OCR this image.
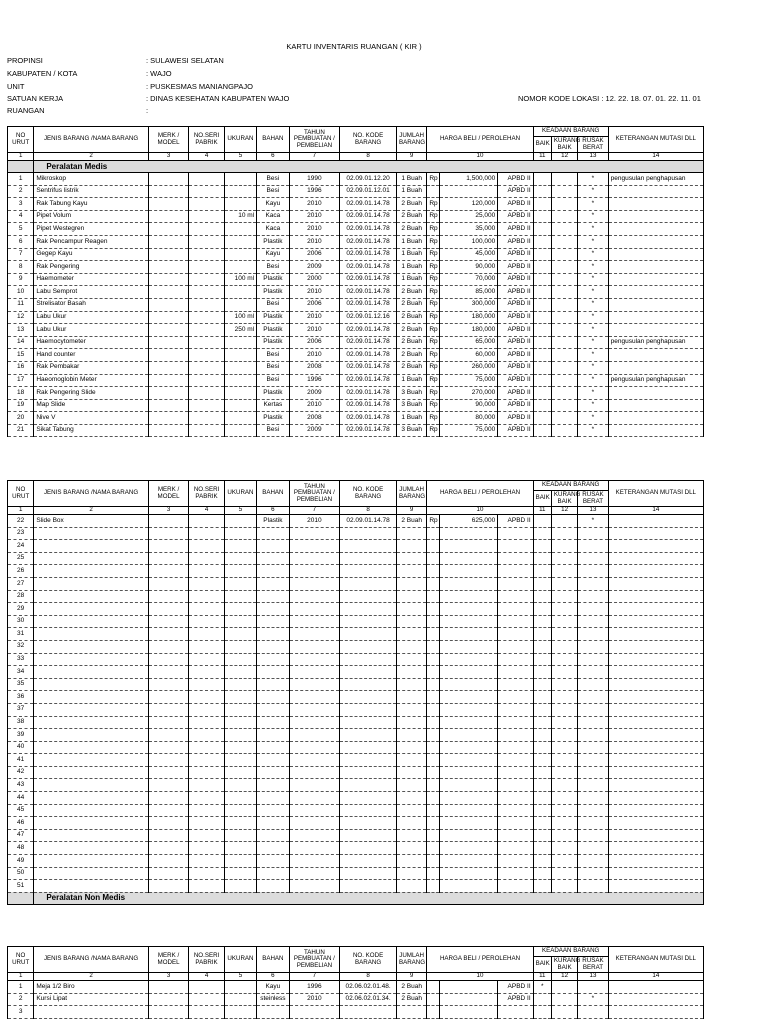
KARTU INVENTARIS RUANGAN ( KIR )
PROPINSI	: SULAWESI SELATAN
KABUPATEN / KOTA	: WAJO
UNIT	: PUSKESMAS MANIANGPAJO
SATUAN KERJA	: DINAS KESEHATAN KABUPATEN WAJO
RUANGAN	:
NOMOR KODE LOKASI : 12. 22. 18. 07. 01. 22. 11. 01
NO URUT	JENIS BARANG /NAMA BARANG	MERK / MODEL	NO.SERI PABRIK	UKURAN	BAHAN	TAHUN PEMBUATAN / PEMBELIAN	NO. KODE BARANG	JUMLAH BARANG	HARGA BELI / PEROLEHAN			KEADAAN BARANG			KETERANGAN MUTASI DLL
												BAIK	KURANG BAIK	RUSAK BERAT	
1	2	3	4	5	6	7	8	9	10			11	12	13	14
	Peralatan Medis														
1	Mikroskop				Besi	1990	02.09.01.12.20	1 Buah	Rp	1,500,000	APBD II			*	pengusulan penghapusan
2	Sentrifus listrik				Besi	1996	02.09.01.12.01	1 Buah			APBD II			*	
3	Rak Tabung Kayu				Kayu	2010	02.09.01.14.78	2 Buah	Rp	120,000	APBD II			*	
4	Pipet Volum			10 ml	Kaca	2010	02.09.01.14.78	2 Buah	Rp	25,000	APBD II			*	
5	Pipet Westegren				Kaca	2010	02.09.01.14.78	2 Buah	Rp	35,000	APBD II			*	
6	Rak Pencampur Reagen				Plastik	2010	02.09.01.14.78	1 Buah	Rp	100,000	APBD II			*	
7	Gegep Kayu				Kayu	2006	02.09.01.14.78	1 Buah	Rp	45,000	APBD II			*	
8	Rak Pengering				Besi	2009	02.09.01.14.78	1 Buah	Rp	90,000	APBD II			*	
9	Haemometer			100 ml	Plastik	2000	02.09.01.14.78	1 Buah	Rp	70,000	APBD II			*	
10	Labu Semprot				Plastik	2010	02.09.01.14.78	2 Buah	Rp	85,000	APBD II			*	
11	Strelisator Basah				Besi	2006	02.09.01.14.78	2 Buah	Rp	300,000	APBD II			*	
12	Labu Ukur			100 ml	Plastik	2010	02.09.01.12.16	2 Buah	Rp	180,000	APBD II			*	
13	Labu Ukur			250 ml	Plastik	2010	02.09.01.14.78	2 Buah	Rp	180,000	APBD II			*	
14	Haemocytometer				Plastik	2006	02.09.01.14.78	2 Buah	Rp	65,000	APBD II			*	pengusulan penghapusan
15	Hand counter				Besi	2010	02.09.01.14.78	2 Buah	Rp	60,000	APBD II			*	
16	Rak Pembakar				Besi	2008	02.09.01.14.78	2 Buah	Rp	260,000	APBD II			*	
17	Haeomoglobin Meter				Besi	1996	02.09.01.14.78	1 Buah	Rp	75,000	APBD II			*	pengusulan penghapusan
18	Rak Pengering Slide				Plastik	2009	02.09.01.14.78	3 Buah	Rp	270,000	APBD II			*	
19	Map Slide				Kertas	2010	02.09.01.14.78	3 Buah	Rp	90,000	APBD II			*	
20	Nive V				Plastik	2008	02.09.01.14.78	1 Buah	Rp	80,000	APBD II			*	
21	Sikat Tabung				Besi	2009	02.09.01.14.78	3 Buah	Rp	75,000	APBD II			*	
NO URUT	JENIS BARANG /NAMA BARANG	MERK / MODEL	NO.SERI PABRIK	UKURAN	BAHAN	TAHUN PEMBUATAN / PEMBELIAN	NO. KODE BARANG	JUMLAH BARANG	HARGA BELI / PEROLEHAN			KEADAAN BARANG			KETERANGAN MUTASI DLL
												BAIK	KURANG BAIK	RUSAK BERAT	
1	2	3	4	5	6	7	8	9	10			11	12	13	14
22	Slide Box				Plastik	2010	02.09.01.14.78	2 Buah	Rp	625,000	APBD II			*	
23															
24															
25															
26															
27															
28															
29															
30															
31															
32															
33															
34															
35															
36															
37															
38															
39															
40															
41															
42															
43															
44															
45															
46															
47															
48															
49															
50															
51															
	Peralatan Non Medis														
NO URUT	JENIS BARANG /NAMA BARANG	MERK / MODEL	NO.SERI PABRIK	UKURAN	BAHAN	TAHUN PEMBUATAN / PEMBELIAN	NO. KODE BARANG	JUMLAH BARANG	HARGA BELI / PEROLEHAN			KEADAAN BARANG			KETERANGAN MUTASI DLL
												BAIK	KURANG BAIK	RUSAK BERAT	
1	2	3	4	5	6	7	8	9	10			11	12	13	14
1	Meja 1/2 Biro				Kayu	1996	02.06.02.01.48.	2 Buah			APBD II	*			
2	Kursi Lipat				steinless	2010	02.06.02.01.34.	2 Buah			APBD II			*	
3															
